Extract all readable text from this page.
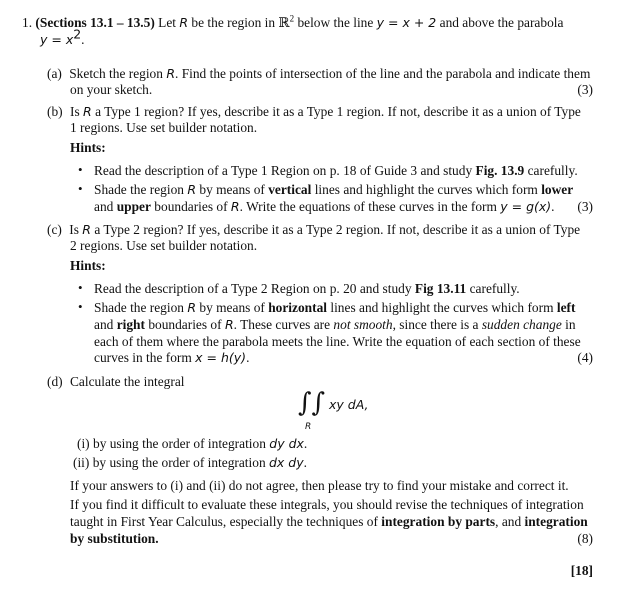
1. (Sections 13.1 – 13.5) Let R be the region in ℝ$^2$ below the line y = x + 2 and above the parabola
$y = x^2$.
(a) Sketch the region R. Find the points of intersection of the line and the parabola and indicate them
on your sketch.	(3)
(b) Is R a Type 1 region? If yes, describe it as a Type 1 region. If not, describe it as a union of Type
1 regions. Use set builder notation.
Hints:
• Read the description of a Type 1 Region on p. 18 of Guide 3 and study Fig. 13.9 carefully.
• Shade the region R by means of vertical lines and highlight the curves which form lower
and upper boundaries of R. Write the equations of these curves in the form y = g(x). (3)
(c) Is R a Type 2 region? If yes, describe it as a Type 2 region. If not, describe it as a union of Type
2 regions. Use set builder notation.
Hints:
• Read the description of a Type 2 Region on p. 20 and study Fig 13.11 carefully.
• Shade the region R by means of horizontal lines and highlight the curves which form left
and right boundaries of R. These curves are not smooth, since there is a sudden change in
each of them where the parabola meets the line. Write the equation of each section of these
curves in the form x = h(y).	(4)
(d) Calculate the integral
∫∫ xy dA,
R
(i) by using the order of integration dy dx.
(ii) by using the order of integration dx dy.
If your answers to (i) and (ii) do not agree, then please try to find your mistake and correct it.
If you find it difficult to evaluate these integrals, you should revise the techniques of integration
taught in First Year Calculus, especially the techniques of integration by parts, and integration
by substitution.	(8)
[18]
